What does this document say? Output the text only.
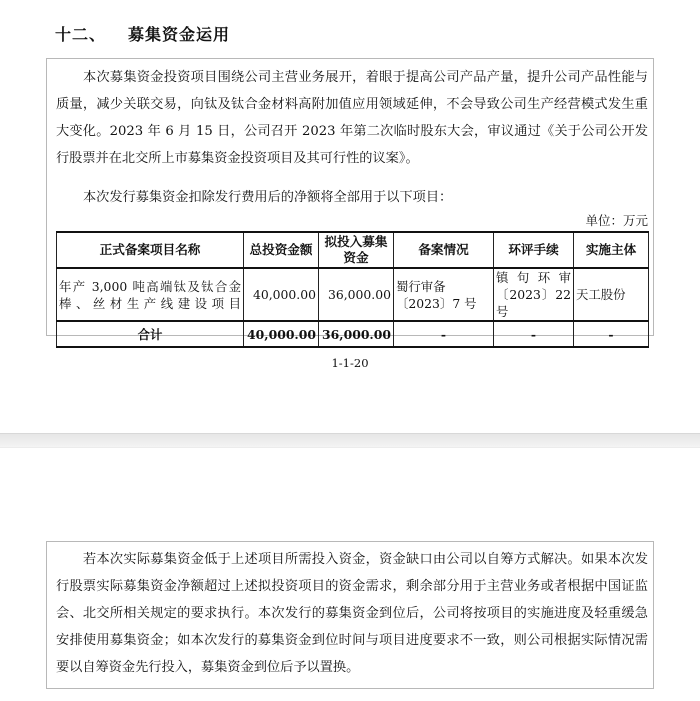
十二、 募集资金运用

本次募集资金投资项目围绕公司主营业务展开，着眼于提高公司产品产量，提升公司产品性能与质量，减少关联交易，向钛及钛合金材料高附加值应用领域延伸，不会导致公司生产经营模式发生重大变化。2023 年 6 月 15 日，公司召开 2023 年第二次临时股东大会，审议通过《关于公司公开发行股票并在北交所上市募集资金投资项目及其可行性的议案》。

本次发行募集资金扣除发行费用后的净额将全部用于以下项目：

单位：万元
正式备案项目名称	总投资金额	拟投入募集资金	备案情况	环评手续	实施主体
年产 3,000 吨高端钛及钛合金棒、丝材生产线建设项目	40,000.00	36,000.00	蜀行审备〔2023〕7 号	镇 句 环 审〔2023〕22 号	天工股份
合计	40,000.00	36,000.00	-	-	-
1-1-20

若本次实际募集资金低于上述项目所需投入资金，资金缺口由公司以自筹方式解决。如果本次发行股票实际募集资金净额超过上述拟投资项目的资金需求，剩余部分用于主营业务或者根据中国证监会、北交所相关规定的要求执行。本次发行的募集资金到位后，公司将按项目的实施进度及轻重缓急安排使用募集资金；如本次发行的募集资金到位时间与项目进度要求不一致，则公司根据实际情况需要以自筹资金先行投入，募集资金到位后予以置换。
